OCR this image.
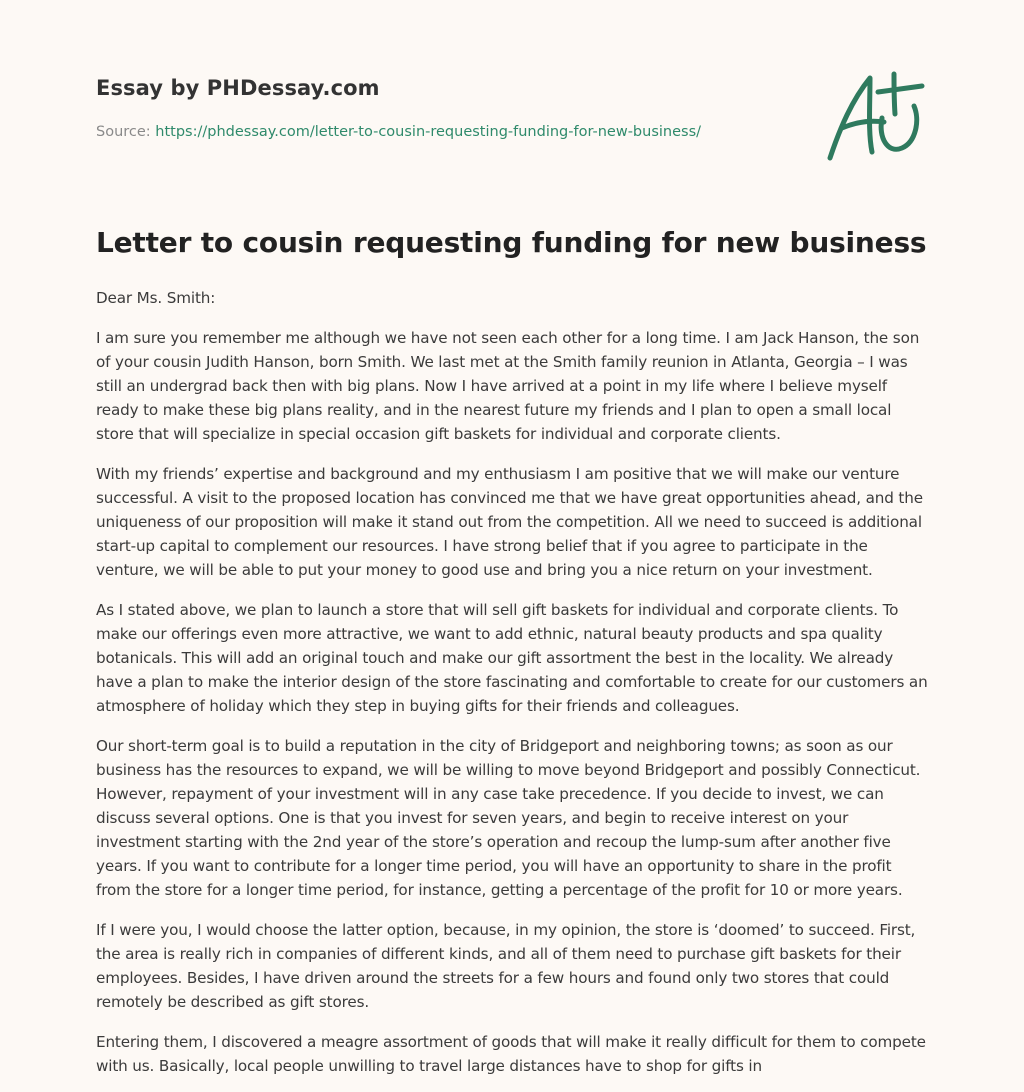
Essay by PHDessay.com
Source: https://phdessay.com/letter-to-cousin-requesting-funding-for-new-business/
Letter to cousin requesting funding for new business

Dear Ms. Smith:

I am sure you remember me although we have not seen each other for a long time. I am Jack Hanson, the son of your cousin Judith Hanson, born Smith. We last met at the Smith family reunion in Atlanta, Georgia – I was still an undergrad back then with big plans. Now I have arrived at a point in my life where I believe myself ready to make these big plans reality, and in the nearest future my friends and I plan to open a small local store that will specialize in special occasion gift baskets for individual and corporate clients.

With my friends’ expertise and background and my enthusiasm I am positive that we will make our venture successful. A visit to the proposed location has convinced me that we have great opportunities ahead, and the uniqueness of our proposition will make it stand out from the competition. All we need to succeed is additional start-up capital to complement our resources. I have strong belief that if you agree to participate in the venture, we will be able to put your money to good use and bring you a nice return on your investment.

As I stated above, we plan to launch a store that will sell gift baskets for individual and corporate clients. To make our offerings even more attractive, we want to add ethnic, natural beauty products and spa quality botanicals. This will add an original touch and make our gift assortment the best in the locality. We already have a plan to make the interior design of the store fascinating and comfortable to create for our customers an atmosphere of holiday which they step in buying gifts for their friends and colleagues.

Our short-term goal is to build a reputation in the city of Bridgeport and neighboring towns; as soon as our business has the resources to expand, we will be willing to move beyond Bridgeport and possibly Connecticut. However, repayment of your investment will in any case take precedence. If you decide to invest, we can discuss several options. One is that you invest for seven years, and begin to receive interest on your investment starting with the 2nd year of the store’s operation and recoup the lump-sum after another five years. If you want to contribute for a longer time period, you will have an opportunity to share in the profit from the store for a longer time period, for instance, getting a percentage of the profit for 10 or more years.

If I were you, I would choose the latter option, because, in my opinion, the store is ‘doomed’ to succeed. First, the area is really rich in companies of different kinds, and all of them need to purchase gift baskets for their employees. Besides, I have driven around the streets for a few hours and found only two stores that could remotely be described as gift stores.

Entering them, I discovered a meagre assortment of goods that will make it really difficult for them to compete with us. Basically, local people unwilling to travel large distances have to shop for gifts in
